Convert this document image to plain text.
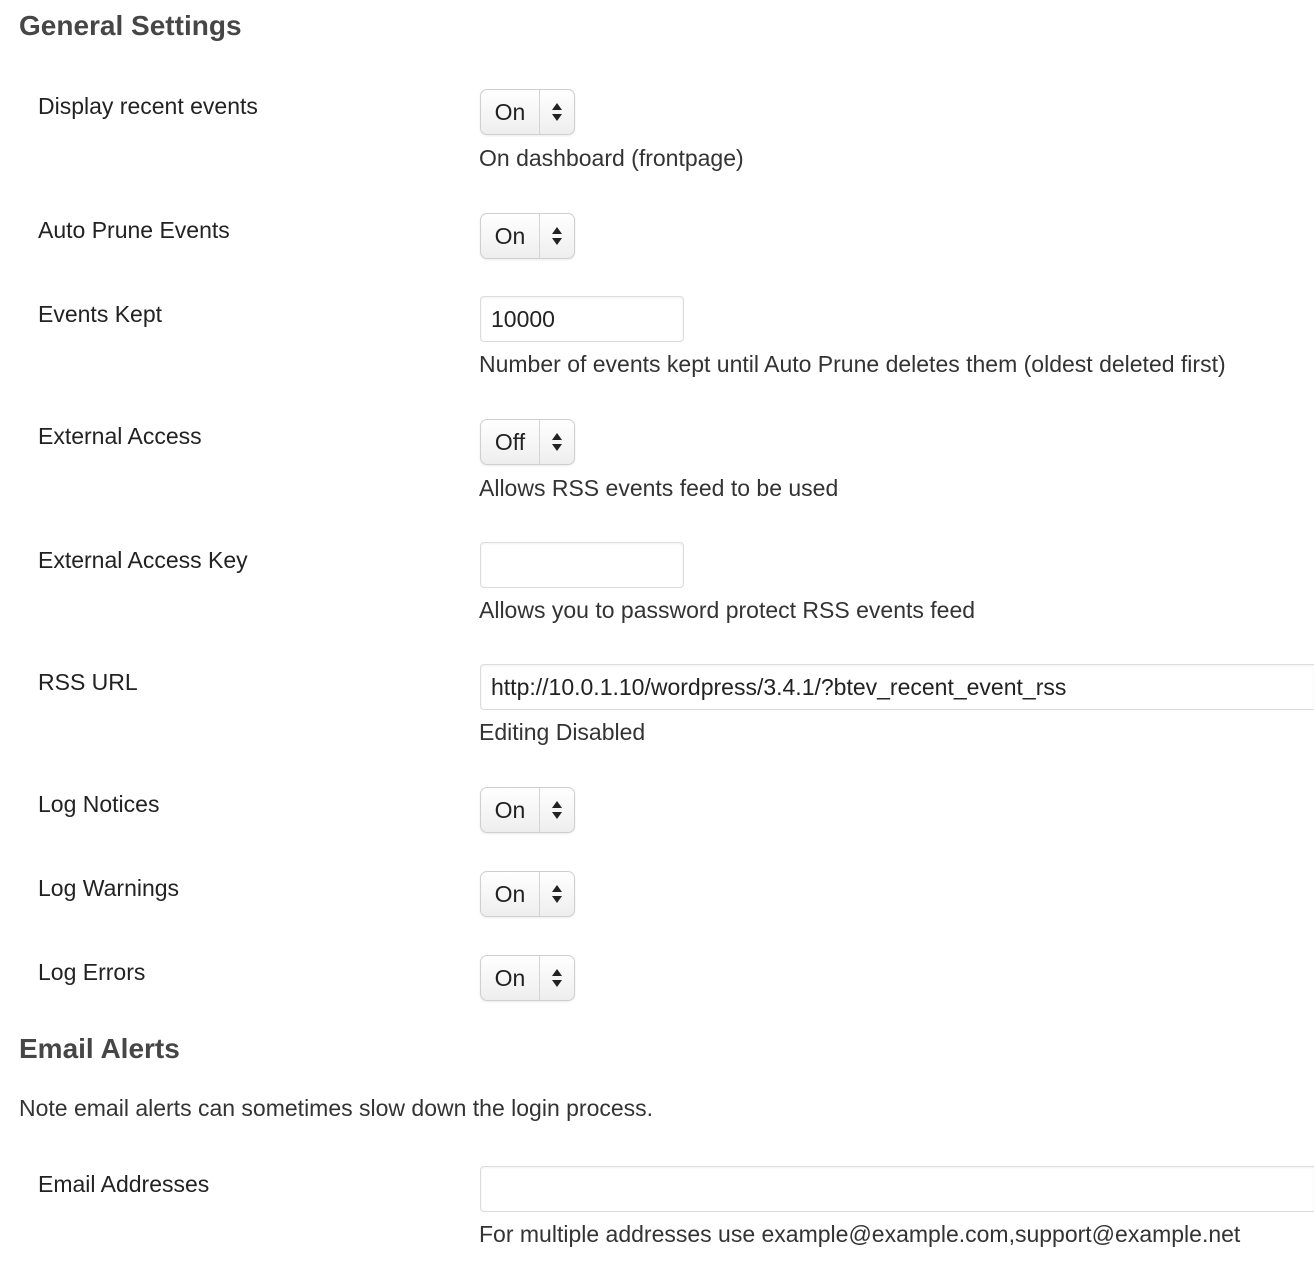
General Settings
Display recent events	On
On dashboard (frontpage)
Auto Prune Events	On
Events Kept	10000
Number of events kept until Auto Prune deletes them (oldest deleted first)
External Access	Off
Allows RSS events feed to be used
External Access Key
Allows you to password protect RSS events feed
RSS URL	http://10.0.1.10/wordpress/3.4.1/?btev_recent_event_rss
Editing Disabled
Log Notices	On
Log Warnings	On
Log Errors	On
Email Alerts

Note email alerts can sometimes slow down the login process.

Email Addresses
For multiple addresses use example@example.com,support@example.net
